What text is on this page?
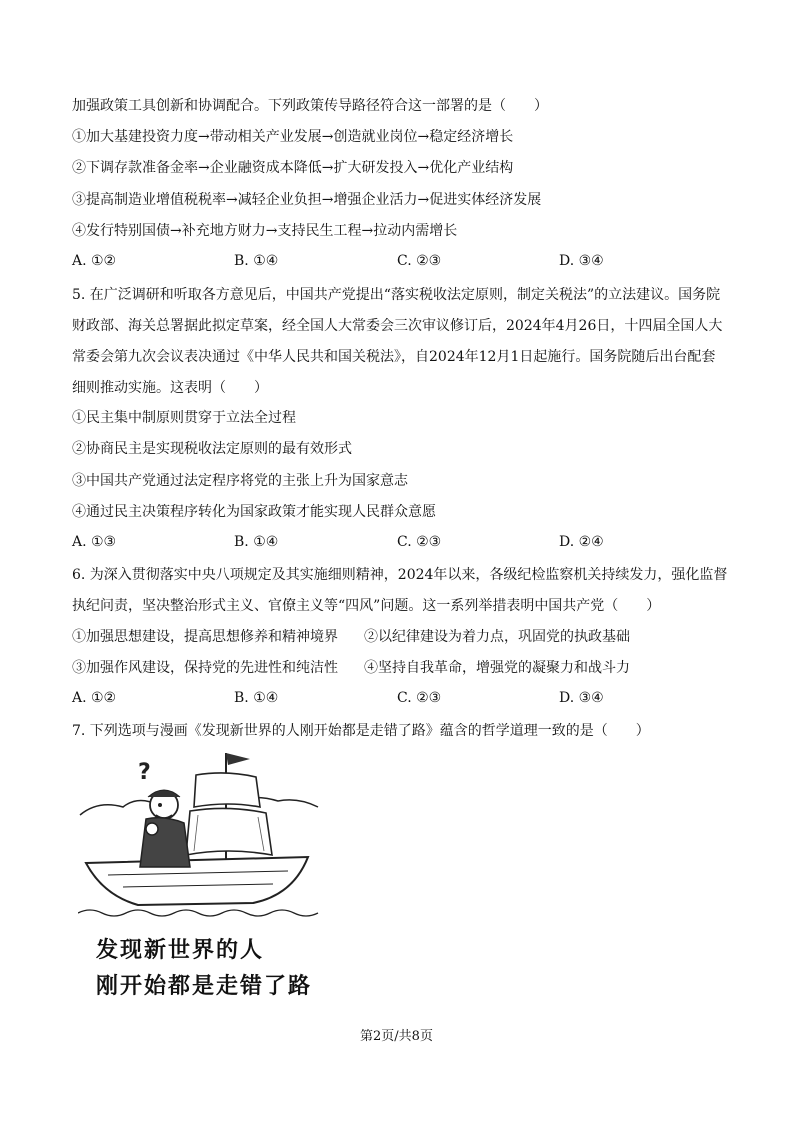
加强政策工具创新和协调配合。下列政策传导路径符合这一部署的是（　　）
①加大基建投资力度→带动相关产业发展→创造就业岗位→稳定经济增长
②下调存款准备金率→企业融资成本降低→扩大研发投入→优化产业结构
③提高制造业增值税税率→减轻企业负担→增强企业活力→促进实体经济发展
④发行特别国债→补充地方财力→支持民生工程→拉动内需增长
A. ①②	B. ①④	C. ②③	D. ③④
5. 在广泛调研和听取各方意见后，中国共产党提出“落实税收法定原则，制定关税法”的立法建议。国务院财政部、海关总署据此拟定草案，经全国人大常委会三次审议修订后，2024年4月26日，十四届全国人大常委会第九次会议表决通过《中华人民共和国关税法》，自2024年12月1日起施行。国务院随后出台配套细则推动实施。这表明（　　）
①民主集中制原则贯穿于立法全过程
②协商民主是实现税收法定原则的最有效形式
③中国共产党通过法定程序将党的主张上升为国家意志
④通过民主决策程序转化为国家政策才能实现人民群众意愿
A. ①③	B. ①④	C. ②③	D. ②④
6. 为深入贯彻落实中央八项规定及其实施细则精神，2024年以来，各级纪检监察机关持续发力，强化监督
执纪问责，坚决整治形式主义、官僚主义等“四风”问题。这一系列举措表明中国共产党（　　）
①加强思想建设，提高思想修养和精神境界 ②以纪律建设为着力点，巩固党的执政基础
③加强作风建设，保持党的先进性和纯洁性 ④坚持自我革命，增强党的凝聚力和战斗力
A. ①②	B. ①④	C. ②③	D. ③④
7. 下列选项与漫画《发现新世界的人刚开始都是走错了路》蕴含的哲学道理一致的是（　　）
?
发现新世界的人
刚开始都是走错了路
第2页/共8页
